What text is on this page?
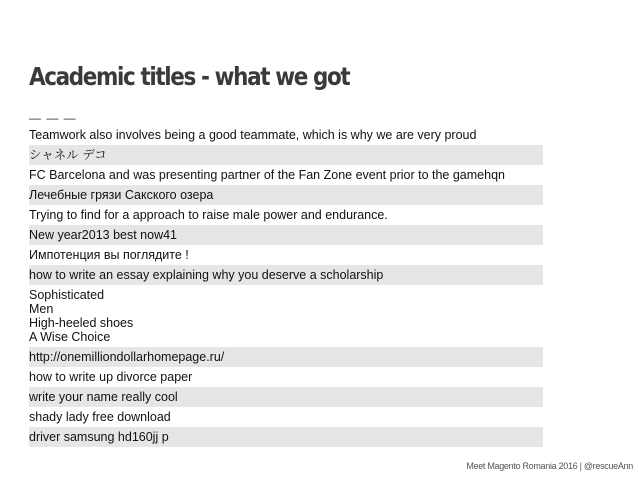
Academic titles - what we got
— — —
Teamwork also involves being a good teammate, which is why we are very proud
シャネル デコ
FC Barcelona and was presenting partner of the Fan Zone event prior to the gamehqn
Лечебные грязи Сакского озера
Trying to find for a approach to raise male power and endurance.
New year2013 best now41
Импотенция вы поглядите !
how to write an essay explaining why you deserve a scholarship
Sophisticated
Men
High-heeled shoes
A Wise Choice
http://onemilliondollarhomepage.ru/
how to write up divorce paper
write your name really cool
shady lady free download
driver samsung hd160jj p
Meet Magento Romania 2016 | @rescueAnn
